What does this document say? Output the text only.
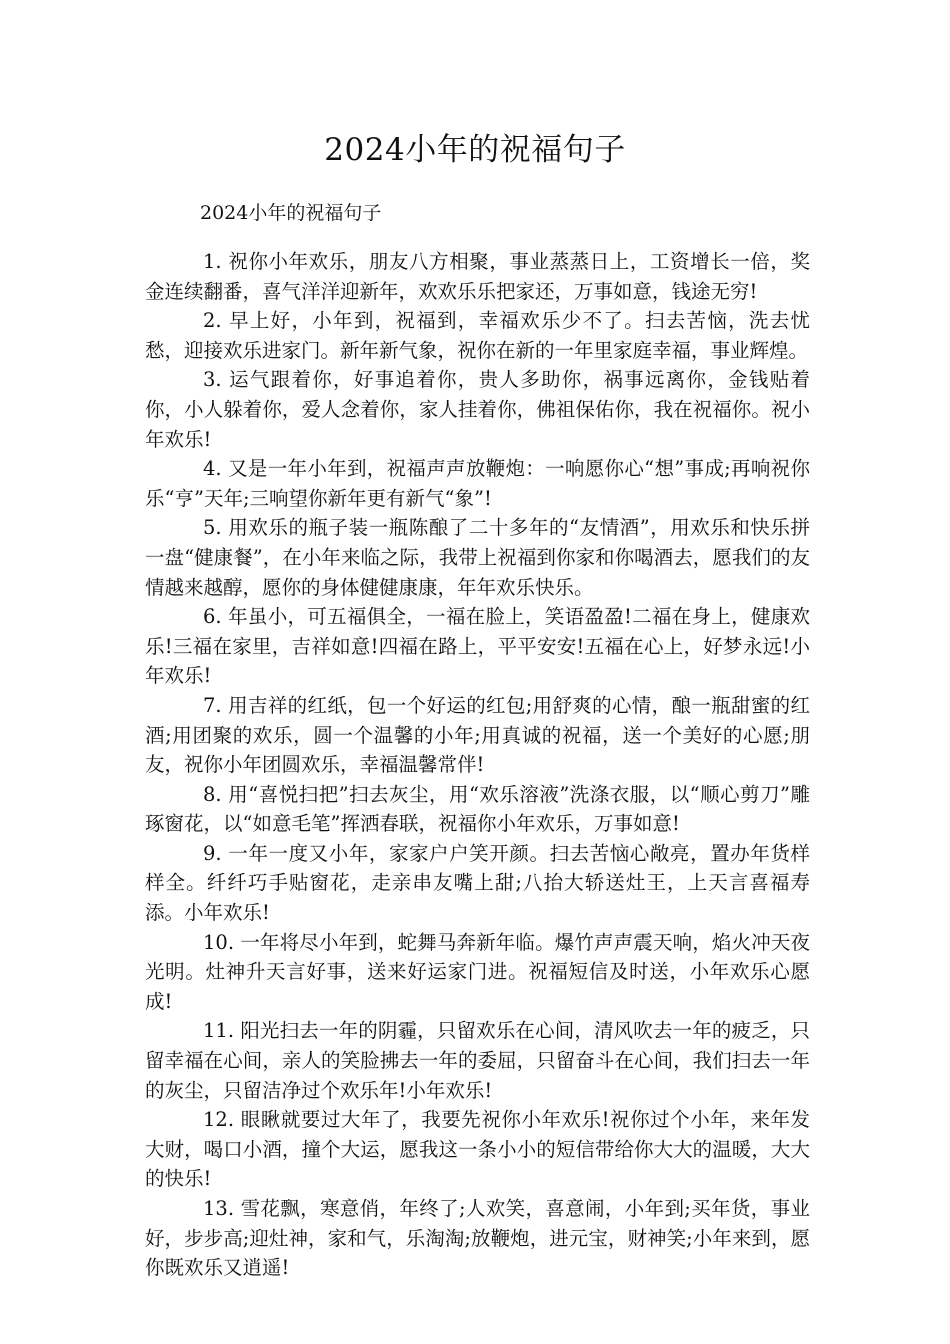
2024小年的祝福句子

2024小年的祝福句子

1. 祝你小年欢乐，朋友八方相聚，事业蒸蒸日上，工资增长一倍，奖金连续翻番，喜气洋洋迎新年，欢欢乐乐把家还，万事如意，钱途无穷!

2. 早上好，小年到，祝福到，幸福欢乐少不了。扫去苦恼，洗去忧愁，迎接欢乐进家门。新年新气象，祝你在新的一年里家庭幸福，事业辉煌。

3. 运气跟着你，好事追着你，贵人多助你，祸事远离你，金钱贴着你，小人躲着你，爱人念着你，家人挂着你，佛祖保佑你，我在祝福你。祝小年欢乐!

4. 又是一年小年到，祝福声声放鞭炮：一响愿你心“想”事成;再响祝你乐“亨”天年;三响望你新年更有新气“象”!

5. 用欢乐的瓶子装一瓶陈酿了二十多年的“友情酒”，用欢乐和快乐拼一盘“健康餐”，在小年来临之际，我带上祝福到你家和你喝酒去，愿我们的友情越来越醇，愿你的身体健健康康，年年欢乐快乐。

6. 年虽小，可五福俱全，一福在脸上，笑语盈盈!二福在身上，健康欢乐!三福在家里，吉祥如意!四福在路上，平平安安!五福在心上，好梦永远!小年欢乐!

7. 用吉祥的红纸，包一个好运的红包;用舒爽的心情，酿一瓶甜蜜的红酒;用团聚的欢乐，圆一个温馨的小年;用真诚的祝福，送一个美好的心愿;朋友，祝你小年团圆欢乐，幸福温馨常伴!

8. 用“喜悦扫把”扫去灰尘，用“欢乐溶液”洗涤衣服，以“顺心剪刀”雕琢窗花，以“如意毛笔”挥洒春联，祝福你小年欢乐，万事如意!

9. 一年一度又小年，家家户户笑开颜。扫去苦恼心敞亮，置办年货样样全。纤纤巧手贴窗花，走亲串友嘴上甜;八抬大轿送灶王，上天言喜福寿添。小年欢乐!

10. 一年将尽小年到，蛇舞马奔新年临。爆竹声声震天响，焰火冲天夜光明。灶神升天言好事，送来好运家门进。祝福短信及时送，小年欢乐心愿成!

11. 阳光扫去一年的阴霾，只留欢乐在心间，清风吹去一年的疲乏，只留幸福在心间，亲人的笑脸拂去一年的委屈，只留奋斗在心间，我们扫去一年的灰尘，只留洁净过个欢乐年!小年欢乐!

12. 眼瞅就要过大年了，我要先祝你小年欢乐!祝你过个小年，来年发大财，喝口小酒，撞个大运，愿我这一条小小的短信带给你大大的温暖，大大的快乐!

13. 雪花飘，寒意俏，年终了;人欢笑，喜意闹，小年到;买年货，事业好，步步高;迎灶神，家和气，乐淘淘;放鞭炮，进元宝，财神笑;小年来到，愿你既欢乐又逍遥!
